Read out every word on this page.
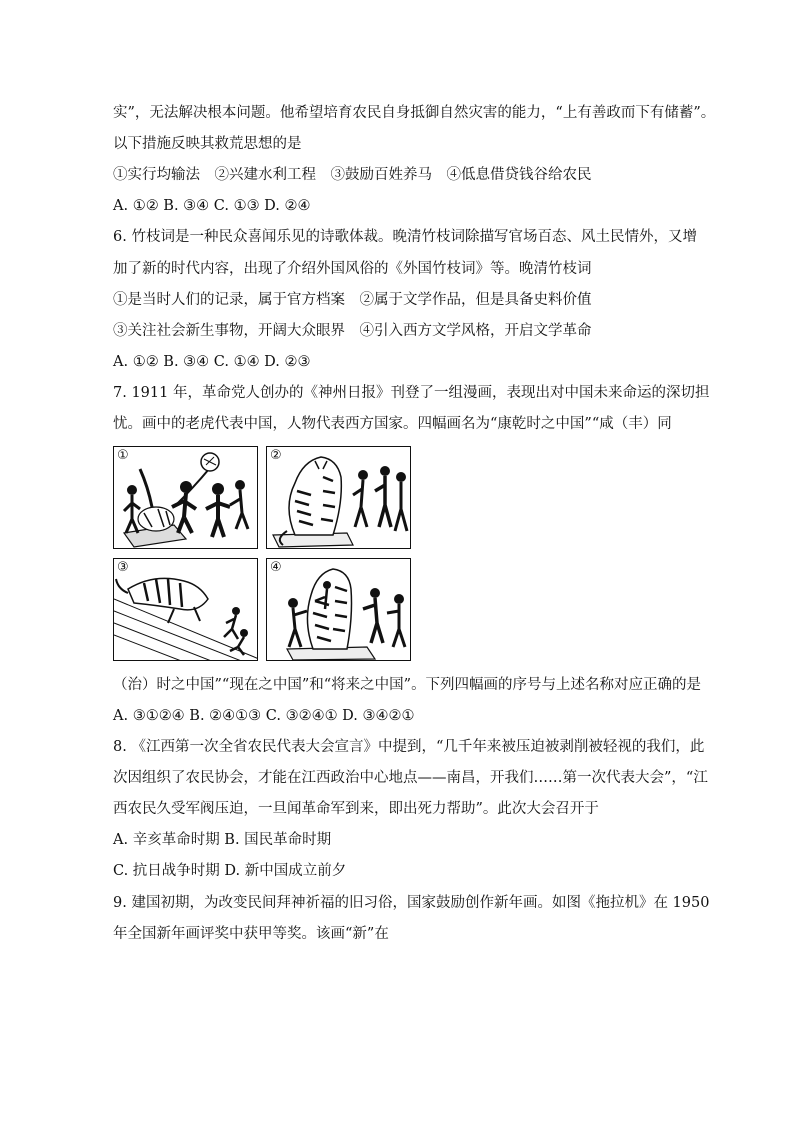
实”，无法解决根本问题。他希望培育农民自身抵御自然灾害的能力，“上有善政而下有储蓄”。
以下措施反映其救荒思想的是
①实行均输法　②兴建水利工程　③鼓励百姓养马　④低息借贷钱谷给农民
A. ①② B. ③④ C. ①③ D. ②④
6. 竹枝词是一种民众喜闻乐见的诗歌体裁。晚清竹枝词除描写官场百态、风土民情外，又增
加了新的时代内容，出现了介绍外国风俗的《外国竹枝词》等。晚清竹枝词
①是当时人们的记录，属于官方档案　②属于文学作品，但是具备史料价值
③关注社会新生事物，开阔大众眼界　④引入西方文学风格，开启文学革命
A. ①② B. ③④ C. ①④ D. ②③
7. 1911 年，革命党人创办的《神州日报》刊登了一组漫画，表现出对中国未来命运的深切担
忧。画中的老虎代表中国，人物代表西方国家。四幅画名为“康乾时之中国”“咸（丰）同
①	②
③	④
（治）时之中国”“现在之中国”和“将来之中国”。下列四幅画的序号与上述名称对应正确的是
A. ③①②④ B. ②④①③ C. ③②④① D. ③④②①
8. 《江西第一次全省农民代表大会宣言》中提到，“几千年来被压迫被剥削被轻视的我们，此
次因组织了农民协会，才能在江西政治中心地点——南昌，开我们……第一次代表大会”，“江
西农民久受军阀压迫，一旦闻革命军到来，即出死力帮助”。此次大会召开于
A. 辛亥革命时期 B. 国民革命时期
C. 抗日战争时期 D. 新中国成立前夕
9. 建国初期，为改变民间拜神祈福的旧习俗，国家鼓励创作新年画。如图《拖拉机》在 1950
年全国新年画评奖中获甲等奖。该画“新”在
